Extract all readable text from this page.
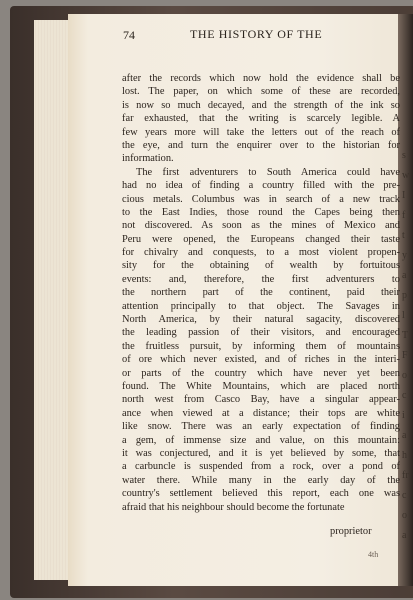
74	THE HISTORY OF THE
after the records which now hold the evidence shall be
lost. The paper, on which some of these are recorded,
is now so much decayed, and the strength of the ink so
far exhausted, that the writing is scarcely legible. A
few years more will take the letters out of the reach of
the eye, and turn the enquirer over to the historian for
information.
The first adventurers to South America could have
had no idea of finding a country filled with the pre-
cious metals. Columbus was in search of a new track
to the East Indies, those round the Capes being then
not discovered. As soon as the mines of Mexico and
Peru were opened, the Europeans changed their taste
for chivalry and conquests, to a most violent propen-
sity for the obtaining of wealth by fortuitous
events: and, therefore, the first adventurers to
the northern part of the continent, paid their
attention principally to that object. The Savages in
North America, by their natural sagacity, discovered
the leading passion of their visitors, and encouraged
the fruitless pursuit, by informing them of mountains
of ore which never existed, and of riches in the interi-
or parts of the country which have never yet been
found. The White Mountains, which are placed north
north west from Casco Bay, have a singular appear-
ance when viewed at a distance; their tops are white
like snow. There was an early expectation of finding
a gem, of immense size and value, on this mountain:
it was conjectured, and it is yet believed by some, that
a carbuncle is suspended from a rock, over a pond of
water there. While many in the early day of the
country's settlement believed this report, each one was
afraid that his neighbour should become the fortunate
proprietor
4th
s
w
I
f
t
y
a
p
l
T
F
o
c
i
a
h
fr
c
o
a
